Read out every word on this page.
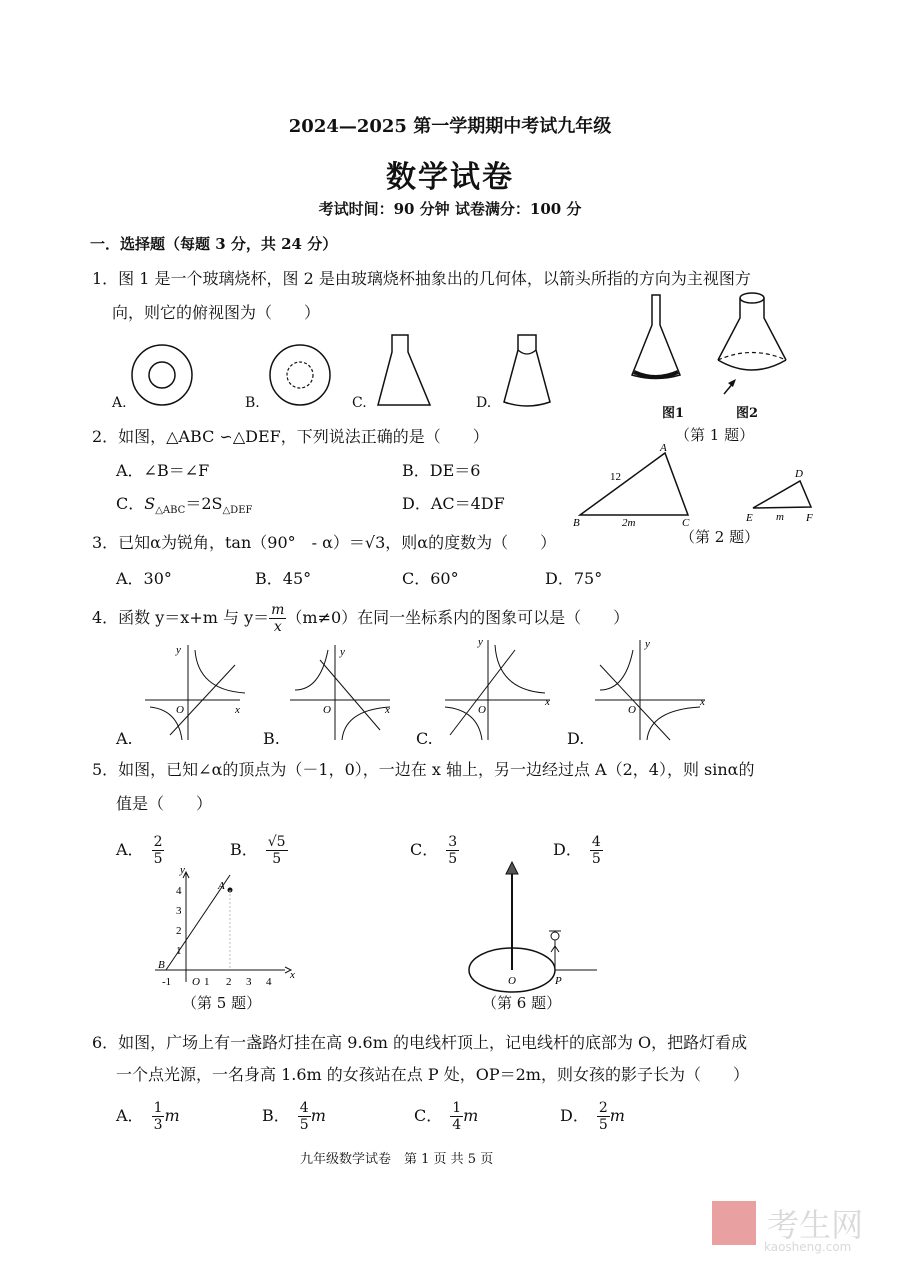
2024—2025 第一学期期中考试九年级
数学试卷
考试时间：90 分钟 试卷满分：100 分
一．选择题（每题 3 分，共 24 分）
1．图 1 是一个玻璃烧杯，图 2 是由玻璃烧杯抽象出的几何体，以箭头所指的方向为主视图方
向，则它的俯视图为（　　）
A.	B.	C.	D.
图1	图2
（第 1 题）
2．如图，△ABC ∽△DEF，下列说法正确的是（　　）
A．∠B＝∠F	B．DE＝6
C．$S_{\triangle ABC}=2S_{\triangle DEF}$	D．AC＝4DF
A
B	C
12
2m
D
E	F
m
（第 2 题）
3．已知α为锐角，tan（90°　- α）＝√3，则α的度数为（　　）
A．30°	B．45°	C．60°	D．75°
4．函数 y＝x+m 与 $y= \frac{m}{x} (m\ne 0)$在同一坐标系内的图象可以是（　　）
x
y
O	x
y
O
x
y
O
x
y
O
A.	B.	C.	D.
5．如图，已知∠α的顶点为（－1，0），一边在 x 轴上，另一边经过点 A（2，4），则 sinα的
值是（　　）
A． $\frac{2}{5}$	B． $\frac{√5}{5}$	C． $\frac{3}{5}$	D． $\frac{4}{5}$
A
B
x
y
-1 O 1 2 3 4
1
2
3
4
（第 5 题）
O	P
（第 6 题）
6．如图，广场上有一盏路灯挂在高 9.6m 的电线杆顶上，记电线杆的底部为 O，把路灯看成
一个点光源，一名身高 1.6m 的女孩站在点 P 处，OP＝2m，则女孩的影子长为（　　）
A． $\frac{1}{3}$ m	B． $\frac{4}{5}$ m	C． $\frac{1}{4}$ m	D． $\frac{2}{5}$ m
九年级数学试卷　第 1 页 共 5 页
考生网
kaosheng.com
